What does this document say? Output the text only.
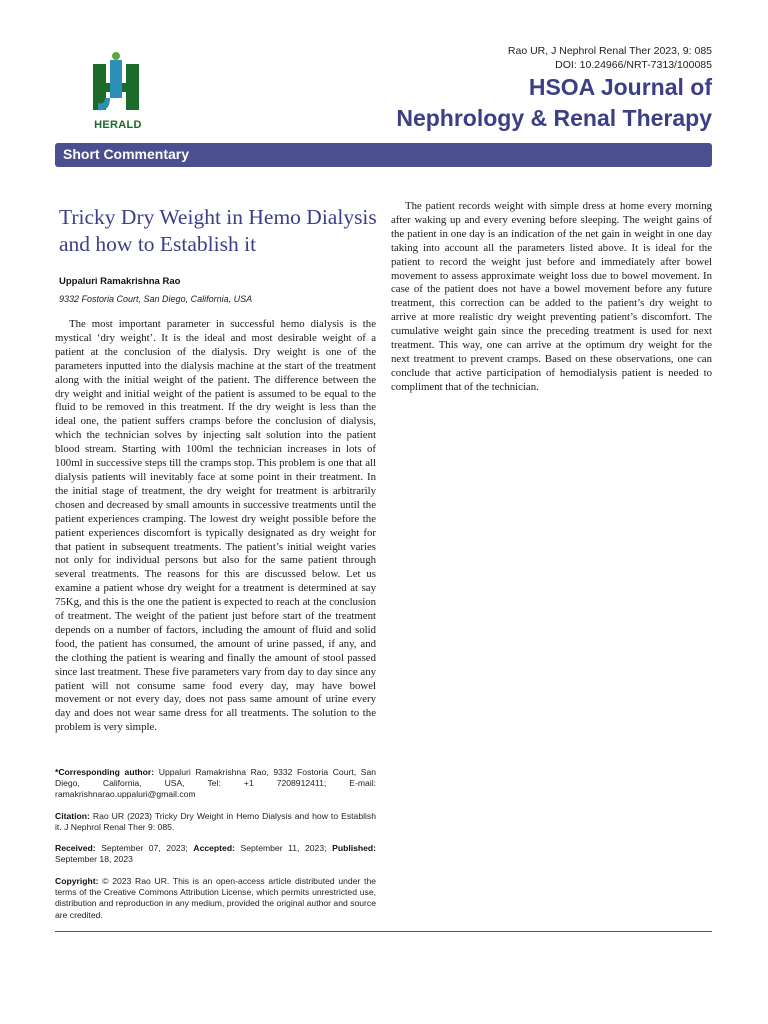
HERALD
Rao UR, J Nephrol Renal Ther 2023, 9: 085
DOI: 10.24966/NRT-7313/100085
HSOA Journal of
Nephrology & Renal Therapy
Short Commentary
Tricky Dry Weight in Hemo Dialysis and how to Establish it
Uppaluri Ramakrishna Rao
9332 Fostoria Court, San Diego, California, USA

The most important parameter in successful hemo dialysis is the mystical ‘dry weight’. It is the ideal and most desirable weight of a patient at the conclusion of the dialysis. Dry weight is one of the parameters inputted into the dialysis machine at the start of the treatment along with the initial weight of the patient. The difference between the dry weight and initial weight of the patient is assumed to be equal to the fluid to be removed in this treatment. If the dry weight is less than the ideal one, the patient suffers cramps before the conclusion of dialysis, which the technician solves by injecting salt solution into the patient blood stream. Starting with 100ml the technician increases in lots of 100ml in successive steps till the cramps stop. This problem is one that all dialysis patients will inevitably face at some point in their treatment. In the initial stage of treatment, the dry weight for treatment is arbitrarily chosen and decreased by small amounts in successive treatments until the patient experiences cramping. The lowest dry weight possible before the patient experiences discomfort is typically designated as dry weight for that patient in subsequent treatments. The patient’s initial weight varies not only for individual persons but also for the same patient through several treatments. The reasons for this are discussed below. Let us examine a patient whose dry weight for a treatment is determined at say 75Kg, and this is the one the patient is expected to reach at the conclusion of treatment. The weight of the patient just before start of the treatment depends on a number of factors, including the amount of fluid and solid food, the patient has consumed, the amount of urine passed, if any, and the clothing the patient is wearing and finally the amount of stool passed since last treatment. These five parameters vary from day to day since any patient will not consume same food every day, may have bowel movement or not every day, does not pass same amount of urine every day and does not wear same dress for all treatments. The solution to the problem is very simple.

The patient records weight with simple dress at home every morning after waking up and every evening before sleeping. The weight gains of the patient in one day is an indication of the net gain in weight in one day taking into account all the parameters listed above. It is ideal for the patient to record the weight just before and immediately after bowel movement to assess approximate weight loss due to bowel movement. In case of the patient does not have a bowel movement before any future treatment, this correction can be added to the patient’s dry weight to arrive at more realistic dry weight preventing patient’s discomfort. The cumulative weight gain since the preceding treatment is used for next treatment. This way, one can arrive at the optimum dry weight for the next treatment to prevent cramps. Based on these observations, one can conclude that active participation of hemodialysis patient is needed to compliment that of the technician.

*Corresponding author: Uppaluri Ramakrishna Rao, 9332 Fostoria Court, San Diego, California, USA, Tel: +1 7208912411; E-mail: ramakrishnarao.uppaluri@gmail.com

Citation: Rao UR (2023) Tricky Dry Weight in Hemo Dialysis and how to Establish it. J Nephrol Renal Ther 9: 085.

Received: September 07, 2023; Accepted: September 11, 2023; Published: September 18, 2023

Copyright: © 2023 Rao UR. This is an open-access article distributed under the terms of the Creative Commons Attribution License, which permits unrestricted use, distribution and reproduction in any medium, provided the original author and source are credited.
